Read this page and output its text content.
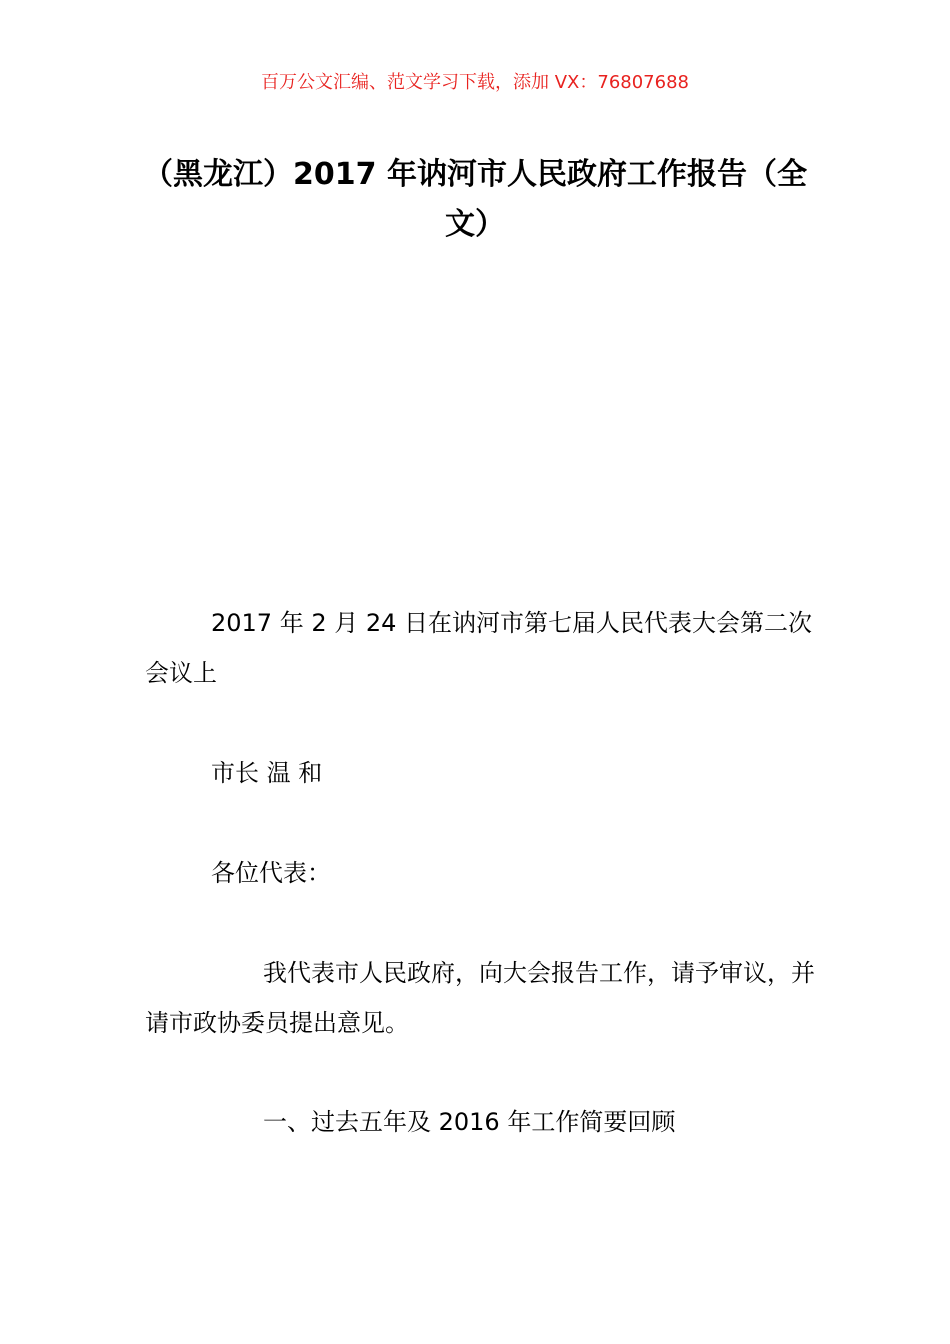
百万公文汇编、范文学习下载，添加 VX：76807688
（黑龙江）2017 年讷河市人民政府工作报告（全文）
2017 年 2 月 24 日在讷河市第七届人民代表大会第二次会议上
市长 温 和
各位代表：
我代表市人民政府，向大会报告工作，请予审议，并请市政协委员提出意见。
一、过去五年及 2016 年工作简要回顾
